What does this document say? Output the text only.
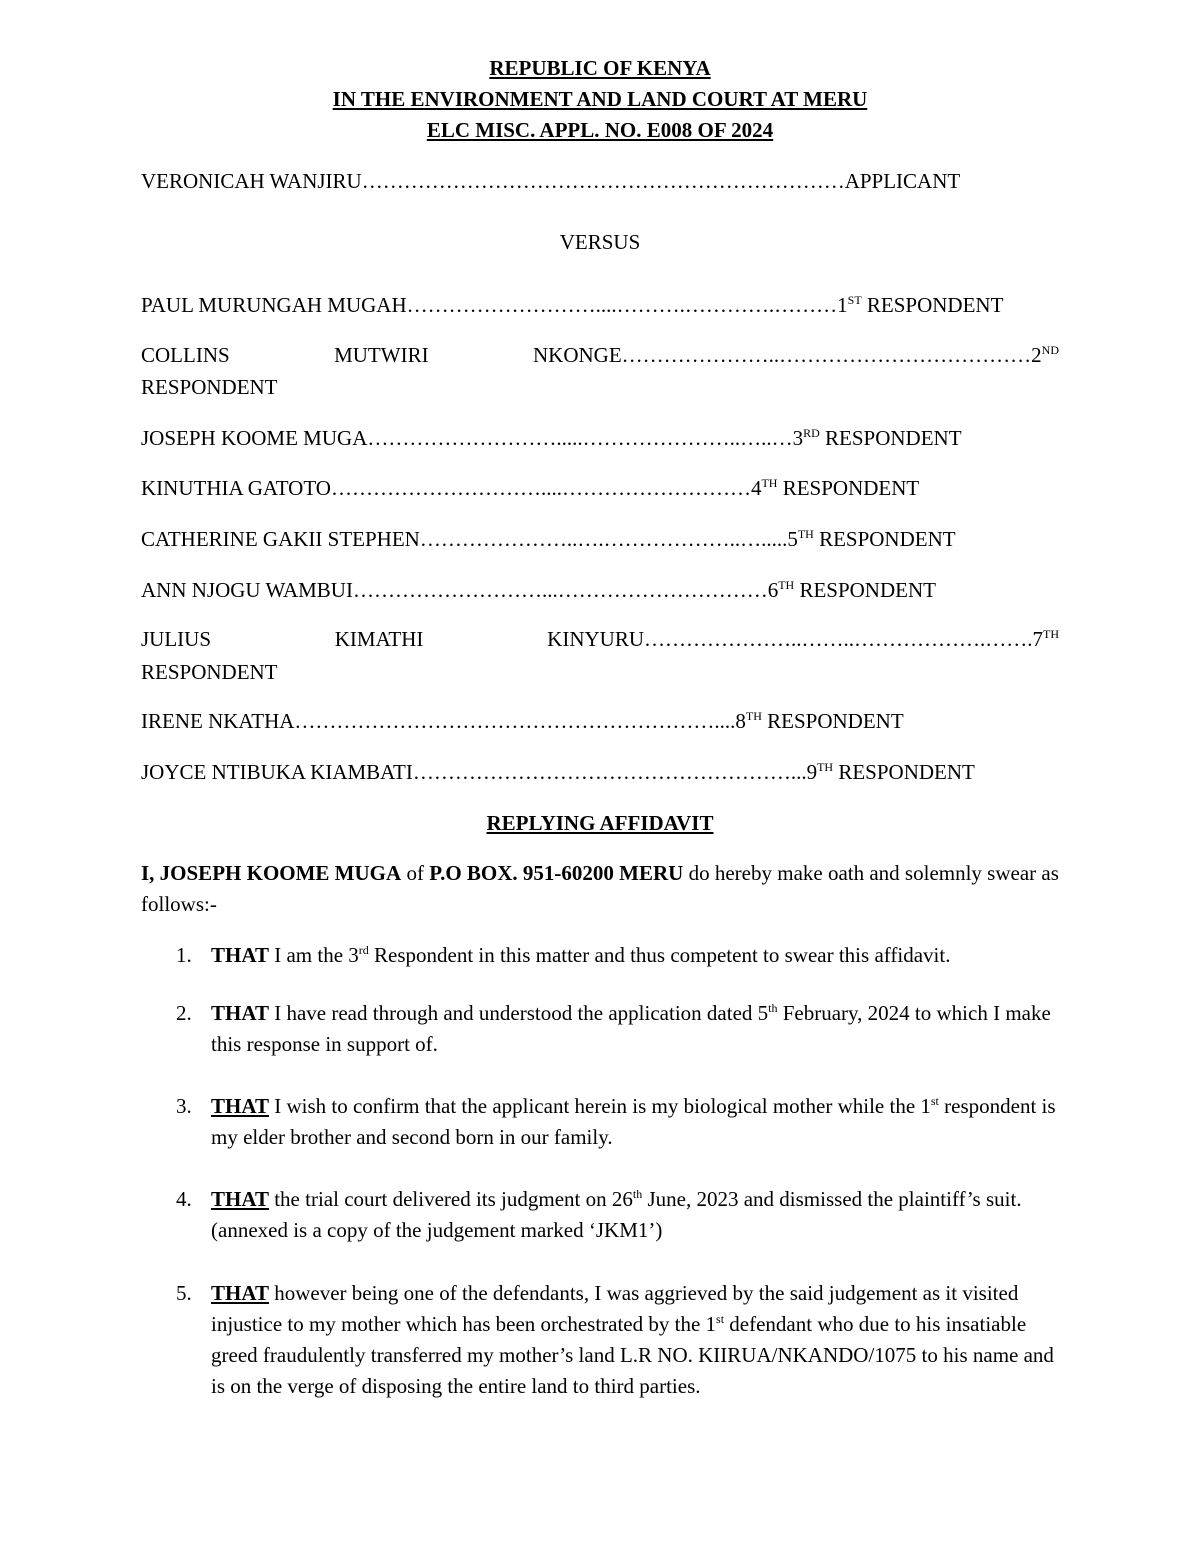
REPUBLIC OF KENYA
IN THE ENVIRONMENT AND LAND COURT AT MERU
ELC MISC. APPL. NO. E008 OF 2024
VERONICAH WANJIRU……………………………………………………………APPLICANT
VERSUS
PAUL MURUNGAH MUGAH………………………....……….………….………1ST RESPONDENT
COLLINS	MUTWIRI	NKONGE…………………..………………………………2ND
RESPONDENT
JOSEPH KOOME MUGA……………………….....…………………..…..…3RD RESPONDENT
KINUTHIA GATOTO…………………………....………………………4TH RESPONDENT
CATHERINE GAKII STEPHEN…………………..….………………..….....5TH RESPONDENT
ANN NJOGU WAMBUI………………………...…………………………6TH RESPONDENT
JULIUS	KIMATHI	KINYURU…………………..……..……………….…….7TH
RESPONDENT
IRENE NKATHA……………………………………………………....8TH RESPONDENT
JOYCE NTIBUKA KIAMBATI………………………………………………...9TH RESPONDENT
REPLYING AFFIDAVIT
I, JOSEPH KOOME MUGA of P.O BOX. 951-60200 MERU do hereby make oath and solemnly swear as follows:-
1. THAT I am the 3rd Respondent in this matter and thus competent to swear this affidavit.
2. THAT I have read through and understood the application dated 5th February, 2024 to which I make this response in support of.
3. THAT I wish to confirm that the applicant herein is my biological mother while the 1st respondent is my elder brother and second born in our family.
4. THAT the trial court delivered its judgment on 26th June, 2023 and dismissed the plaintiff’s suit. (annexed is a copy of the judgement marked ‘JKM1’)
5. THAT however being one of the defendants, I was aggrieved by the said judgement as it visited injustice to my mother which has been orchestrated by the 1st defendant who due to his insatiable greed fraudulently transferred my mother’s land L.R NO. KIIRUA/NKANDO/1075 to his name and is on the verge of disposing the entire land to third parties.
